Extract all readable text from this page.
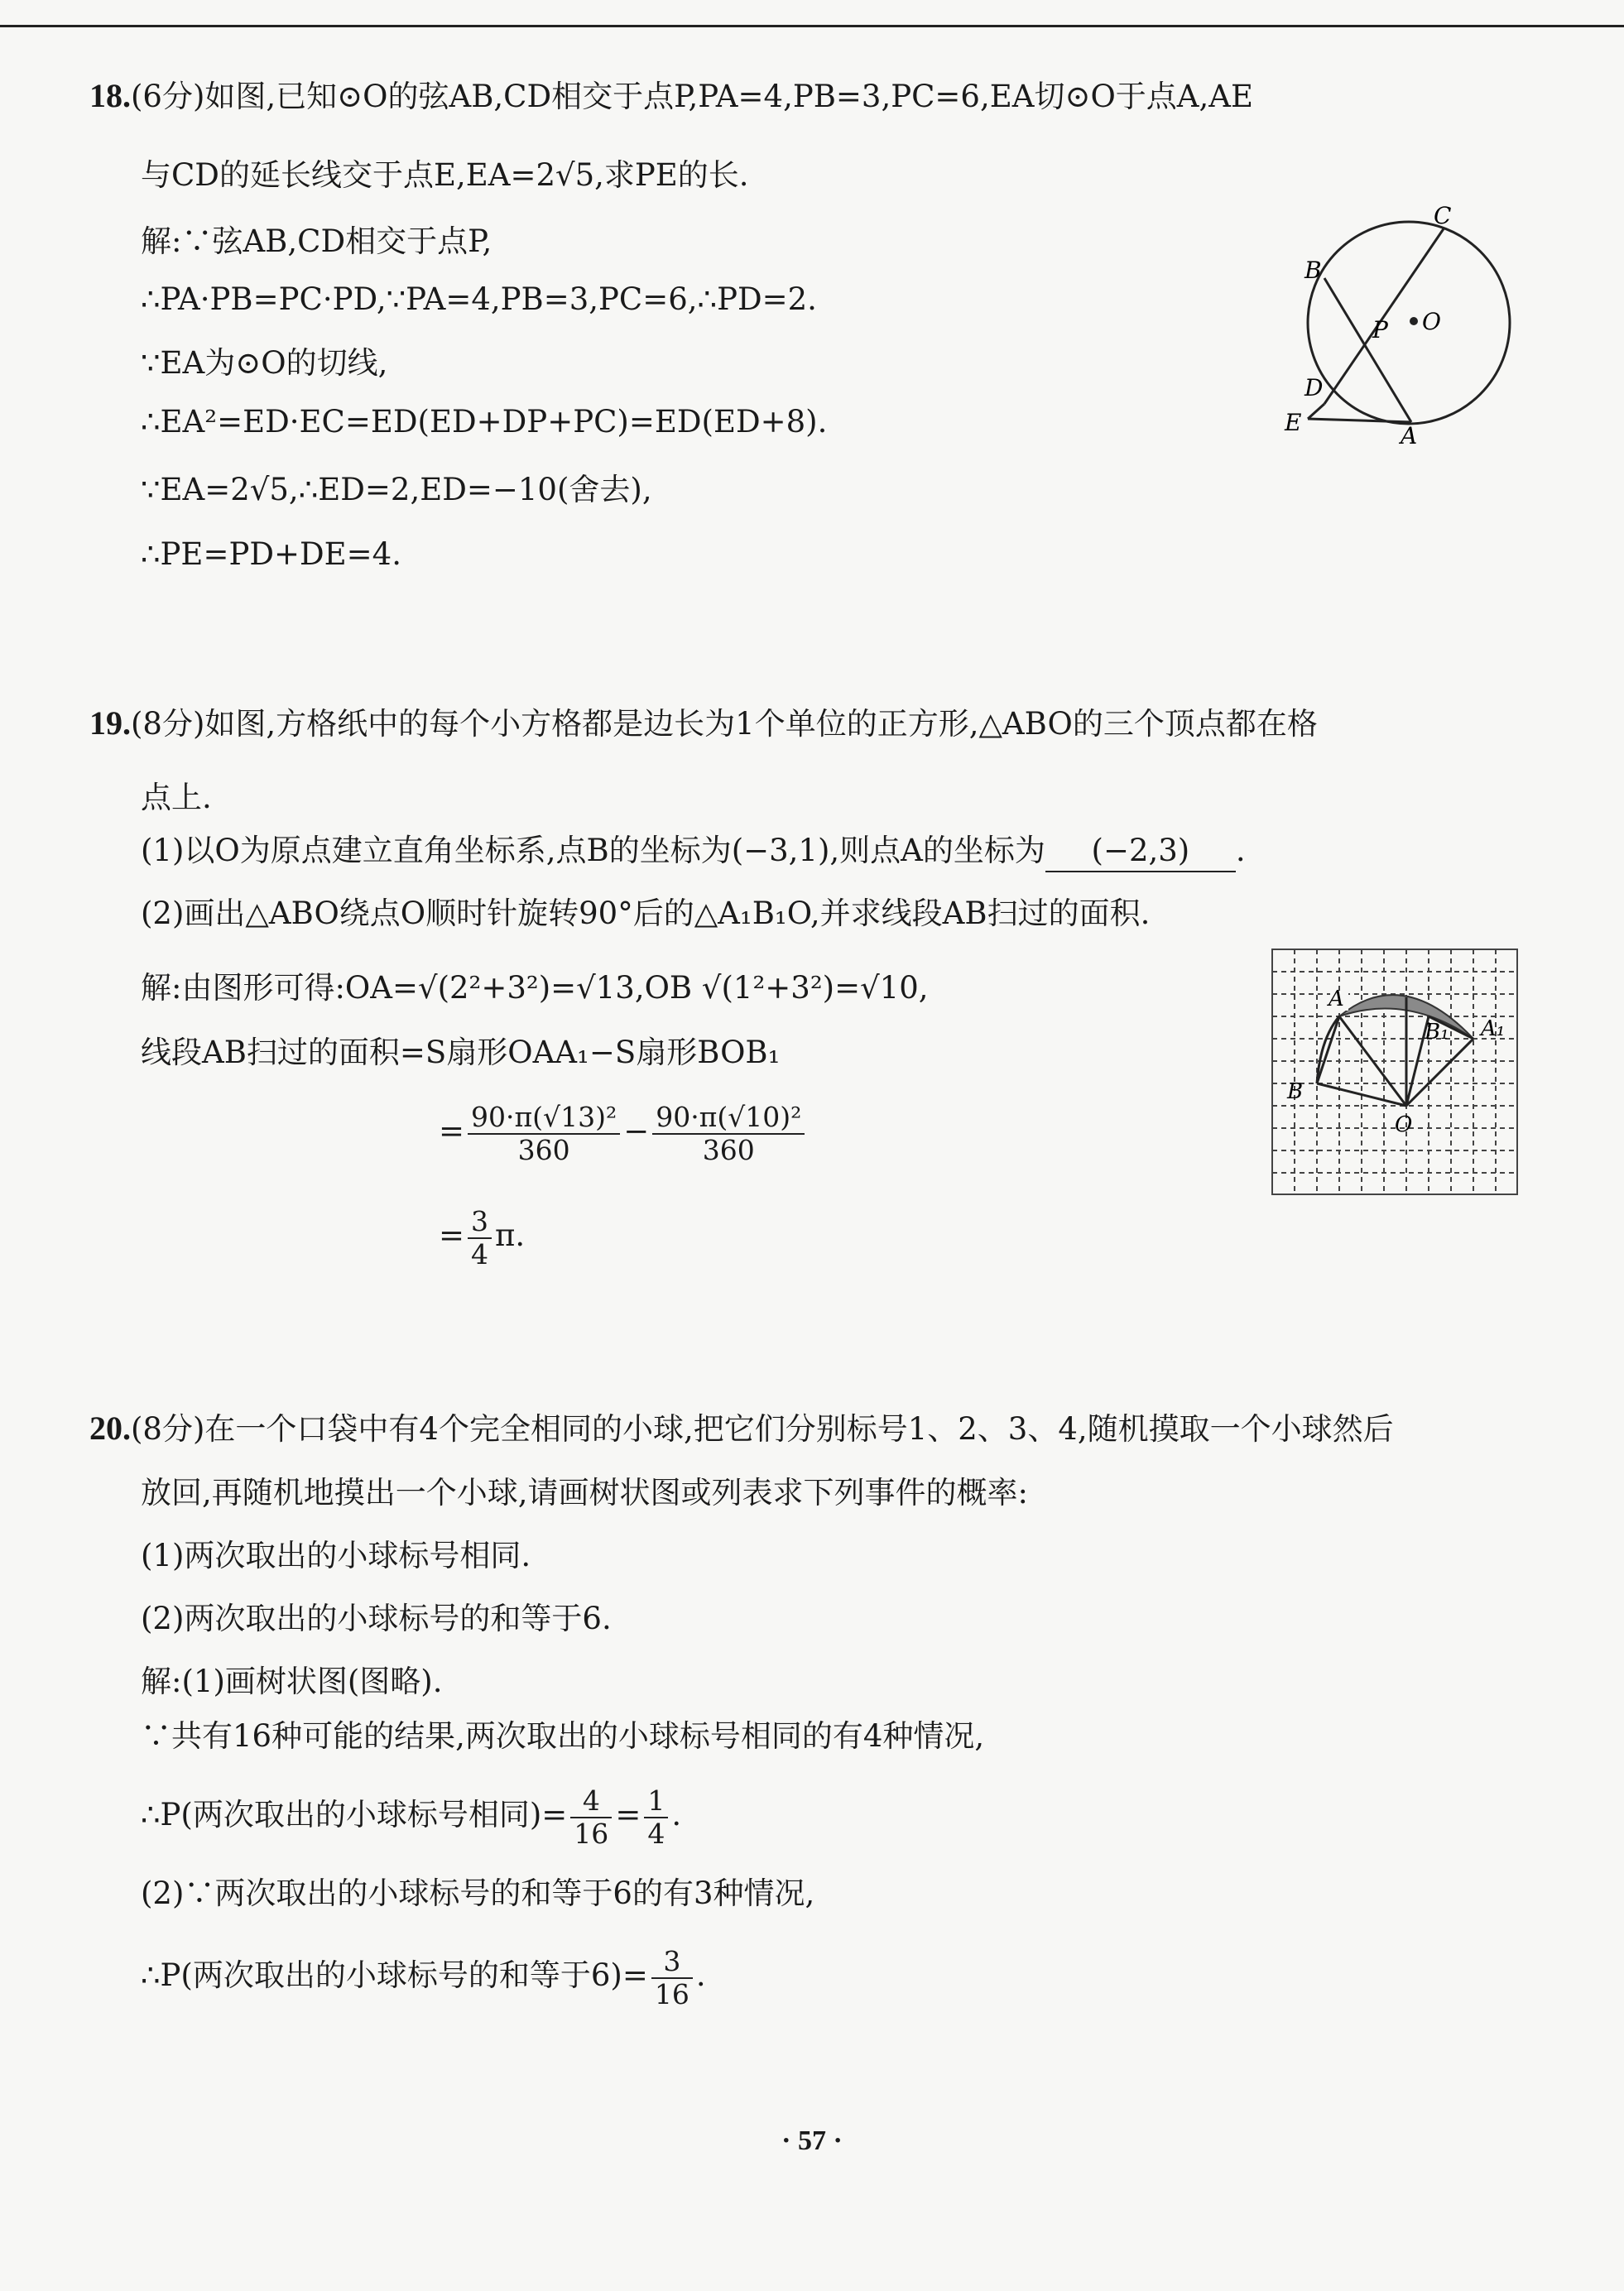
18.(6分)如图,已知⊙O的弦AB,CD相交于点P,PA=4,PB=3,PC=6,EA切⊙O于点A,AE
与CD的延长线交于点E,EA=2√5,求PE的长.
解:∵弦AB,CD相交于点P,
∴PA·PB=PC·PD,∵PA=4,PB=3,PC=6,∴PD=2.
∵EA为⊙O的切线,
∴EA²=ED·EC=ED(ED+DP+PC)=ED(ED+8).
∵EA=2√5,∴ED=2,ED=−10(舍去),
∴PE=PD+DE=4.
C
B
P O
D
E	A
19.(8分)如图,方格纸中的每个小方格都是边长为1个单位的正方形,△ABO的三个顶点都在格
点上.
(1)以O为原点建立直角坐标系,点B的坐标为(−3,1),则点A的坐标为 (−2,3) .
(2)画出△ABO绕点O顺时针旋转90°后的△A₁B₁O,并求线段AB扫过的面积.
解:由图形可得:OA=√(2²+3²)=√13,OB √(1²+3²)=√10,
线段AB扫过的面积=S扇形OAA₁−S扇形BOB₁
= $\frac{\text{90·π(√13)²}}{360} - \frac{\text{90·π(√10)²}}{360}$
= $\frac{3}{4} \pi$.
A
B
O
B₁ A₁
20.(8分)在一个口袋中有4个完全相同的小球,把它们分别标号1、2、3、4,随机摸取一个小球然后
放回,再随机地摸出一个小球,请画树状图或列表求下列事件的概率:
(1)两次取出的小球标号相同.
(2)两次取出的小球标号的和等于6.
解:(1)画树状图(图略).
∵共有16种可能的结果,两次取出的小球标号相同的有4种情况,
∴P(两次取出的小球标号相同)= $\frac{4}{16} = \frac{1}{4}$ .
(2)∵两次取出的小球标号的和等于6的有3种情况,
∴P(两次取出的小球标号的和等于$6)= \frac{3}{16}$ .
· 57 ·
